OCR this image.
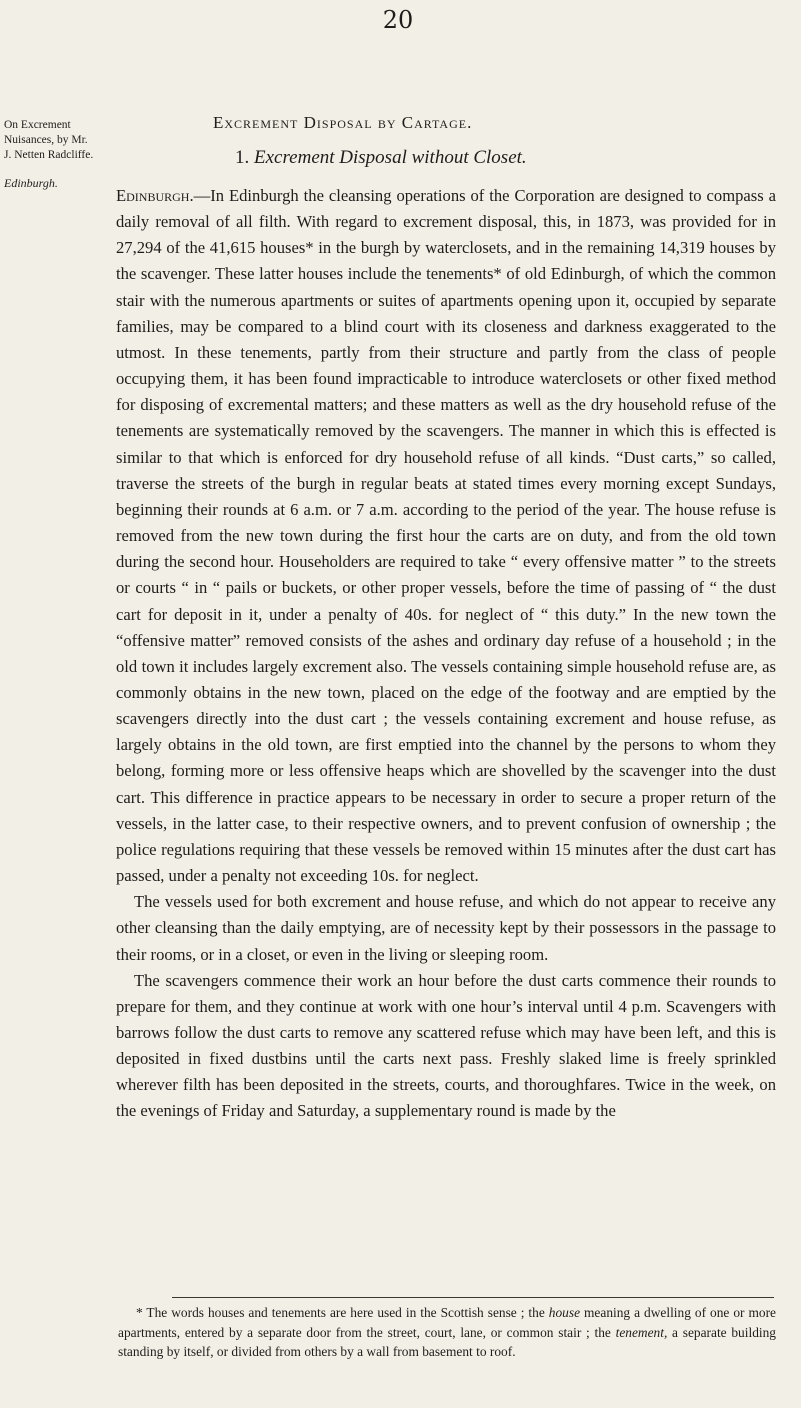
20
On Excrement Nuisances, by Mr. J. Netten Radcliffe.
Edinburgh.
Excrement Disposal by Cartage.
1. Excrement Disposal without Closet.

Edinburgh.—In Edinburgh the cleansing operations of the Corporation are designed to compass a daily removal of all filth. With regard to excrement disposal, this, in 1873, was provided for in 27,294 of the 41,615 houses* in the burgh by waterclosets, and in the remaining 14,319 houses by the scavenger. These latter houses include the tenements* of old Edinburgh, of which the common stair with the numerous apartments or suites of apartments opening upon it, occupied by separate families, may be compared to a blind court with its closeness and darkness exaggerated to the utmost. In these tenements, partly from their structure and partly from the class of people occupying them, it has been found impracticable to introduce waterclosets or other fixed method for disposing of excremental matters; and these matters as well as the dry household refuse of the tenements are systematically removed by the scavengers. The manner in which this is effected is similar to that which is enforced for dry household refuse of all kinds. “Dust carts,” so called, traverse the streets of the burgh in regular beats at stated times every morning except Sundays, beginning their rounds at 6 a.m. or 7 a.m. according to the period of the year. The house refuse is removed from the new town during the first hour the carts are on duty, and from the old town during the second hour. Householders are required to take “ every offensive matter ” to the streets or courts “ in “ pails or buckets, or other proper vessels, before the time of passing of “ the dust cart for deposit in it, under a penalty of 40s. for neglect of “ this duty.” In the new town the “offensive matter” removed consists of the ashes and ordinary day refuse of a household ; in the old town it includes largely excrement also. The vessels containing simple household refuse are, as commonly obtains in the new town, placed on the edge of the footway and are emptied by the scavengers directly into the dust cart ; the vessels containing excrement and house refuse, as largely obtains in the old town, are first emptied into the channel by the persons to whom they belong, forming more or less offensive heaps which are shovelled by the scavenger into the dust cart. This difference in practice appears to be necessary in order to secure a proper return of the vessels, in the latter case, to their respective owners, and to prevent confusion of ownership ; the police regulations requiring that these vessels be removed within 15 minutes after the dust cart has passed, under a penalty not exceeding 10s. for neglect.

The vessels used for both excrement and house refuse, and which do not appear to receive any other cleansing than the daily emptying, are of necessity kept by their possessors in the passage to their rooms, or in a closet, or even in the living or sleeping room.

The scavengers commence their work an hour before the dust carts commence their rounds to prepare for them, and they continue at work with one hour’s interval until 4 p.m. Scavengers with barrows follow the dust carts to remove any scattered refuse which may have been left, and this is deposited in fixed dustbins until the carts next pass. Freshly slaked lime is freely sprinkled wherever filth has been deposited in the streets, courts, and thoroughfares. Twice in the week, on the evenings of Friday and Saturday, a supplementary round is made by the

* The words houses and tenements are here used in the Scottish sense ; the house meaning a dwelling of one or more apartments, entered by a separate door from the street, court, lane, or common stair ; the tenement, a separate building standing by itself, or divided from others by a wall from basement to roof.
